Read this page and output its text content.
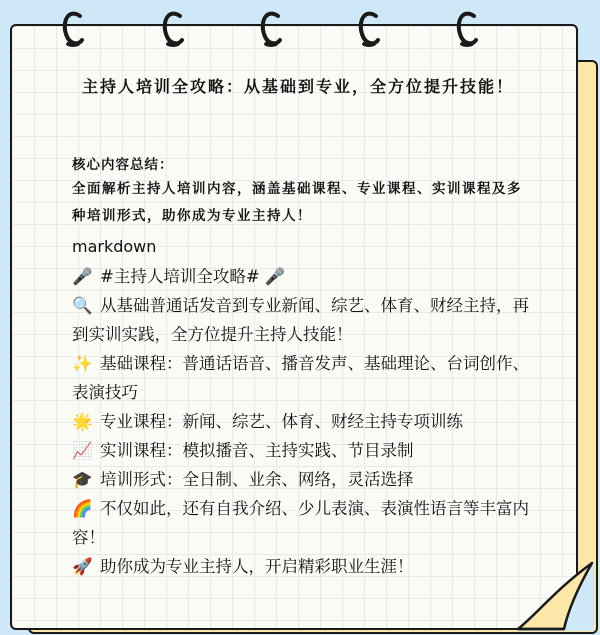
主持人培训全攻略：从基础到专业，全方位提升技能！
核心内容总结：
全面解析主持人培训内容，涵盖基础课程、专业课程、实训课程及多种培训形式，助你成为专业主持人！
markdown

🎤 #主持人培训全攻略# 🎤

🔍 从基础普通话发音到专业新闻、综艺、体育、财经主持，再到实训实践，全方位提升主持人技能！

✨ 基础课程：普通话语音、播音发声、基础理论、台词创作、表演技巧

🌟 专业课程：新闻、综艺、体育、财经主持专项训练

📈 实训课程：模拟播音、主持实践、节目录制

🎓 培训形式：全日制、业余、网络，灵活选择

🌈 不仅如此，还有自我介绍、少儿表演、表演性语言等丰富内容！

🚀 助你成为专业主持人，开启精彩职业生涯！
